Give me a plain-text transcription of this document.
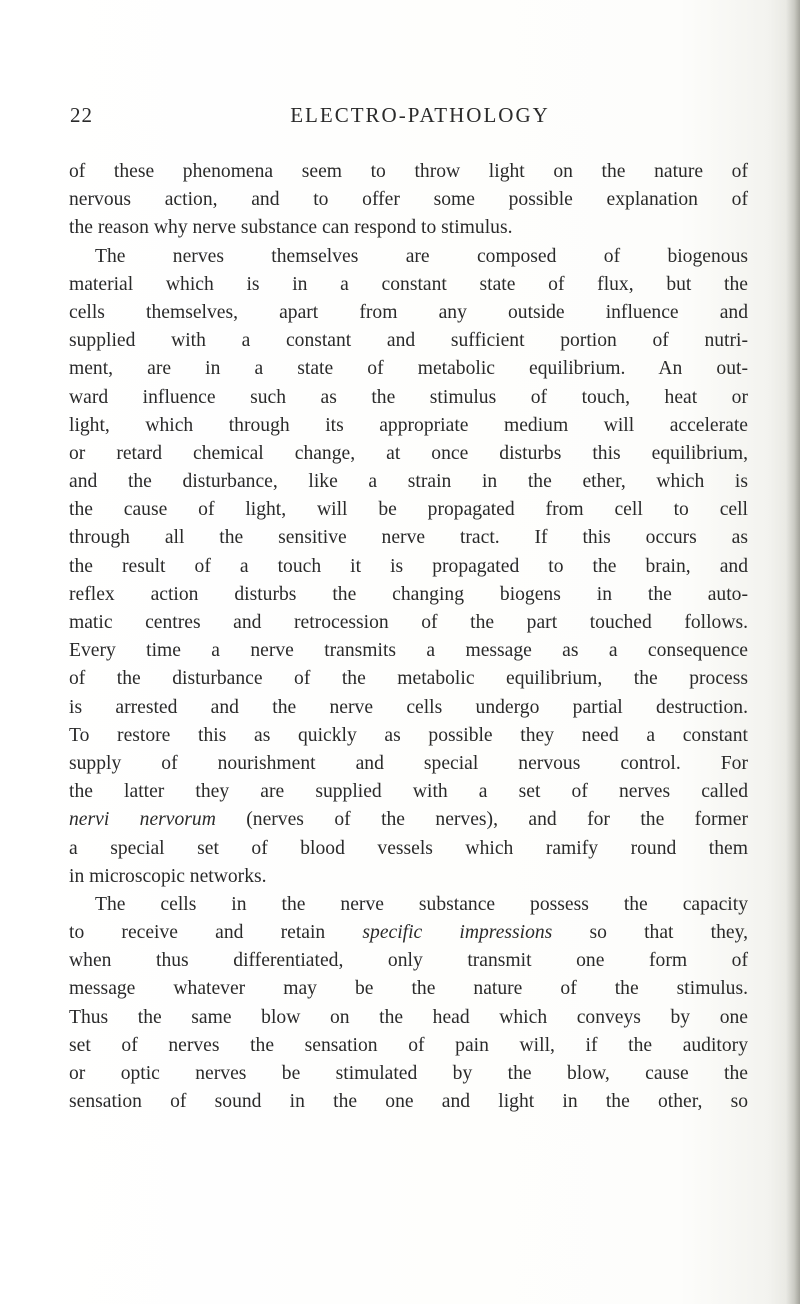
22	ELECTRO-PATHOLOGY
of these phenomena seem to throw light on the nature of
nervous action, and to offer some possible explanation of
the reason why nerve substance can respond to stimulus.
The nerves themselves are composed of biogenous
material which is in a constant state of flux, but the
cells themselves, apart from any outside influence and
supplied with a constant and sufficient portion of nutri-
ment, are in a state of metabolic equilibrium. An out-
ward influence such as the stimulus of touch, heat or
light, which through its appropriate medium will accelerate
or retard chemical change, at once disturbs this equilibrium,
and the disturbance, like a strain in the ether, which is
the cause of light, will be propagated from cell to cell
through all the sensitive nerve tract. If this occurs as
the result of a touch it is propagated to the brain, and
reflex action disturbs the changing biogens in the auto-
matic centres and retrocession of the part touched follows.
Every time a nerve transmits a message as a consequence
of the disturbance of the metabolic equilibrium, the process
is arrested and the nerve cells undergo partial destruction.
To restore this as quickly as possible they need a constant
supply of nourishment and special nervous control. For
the latter they are supplied with a set of nerves called
nervi nervorum (nerves of the nerves), and for the former
a special set of blood vessels which ramify round them
in microscopic networks.
The cells in the nerve substance possess the capacity
to receive and retain specific impressions so that they,
when thus differentiated, only transmit one form of
message whatever may be the nature of the stimulus.
Thus the same blow on the head which conveys by one
set of nerves the sensation of pain will, if the auditory
or optic nerves be stimulated by the blow, cause the
sensation of sound in the one and light in the other, so
